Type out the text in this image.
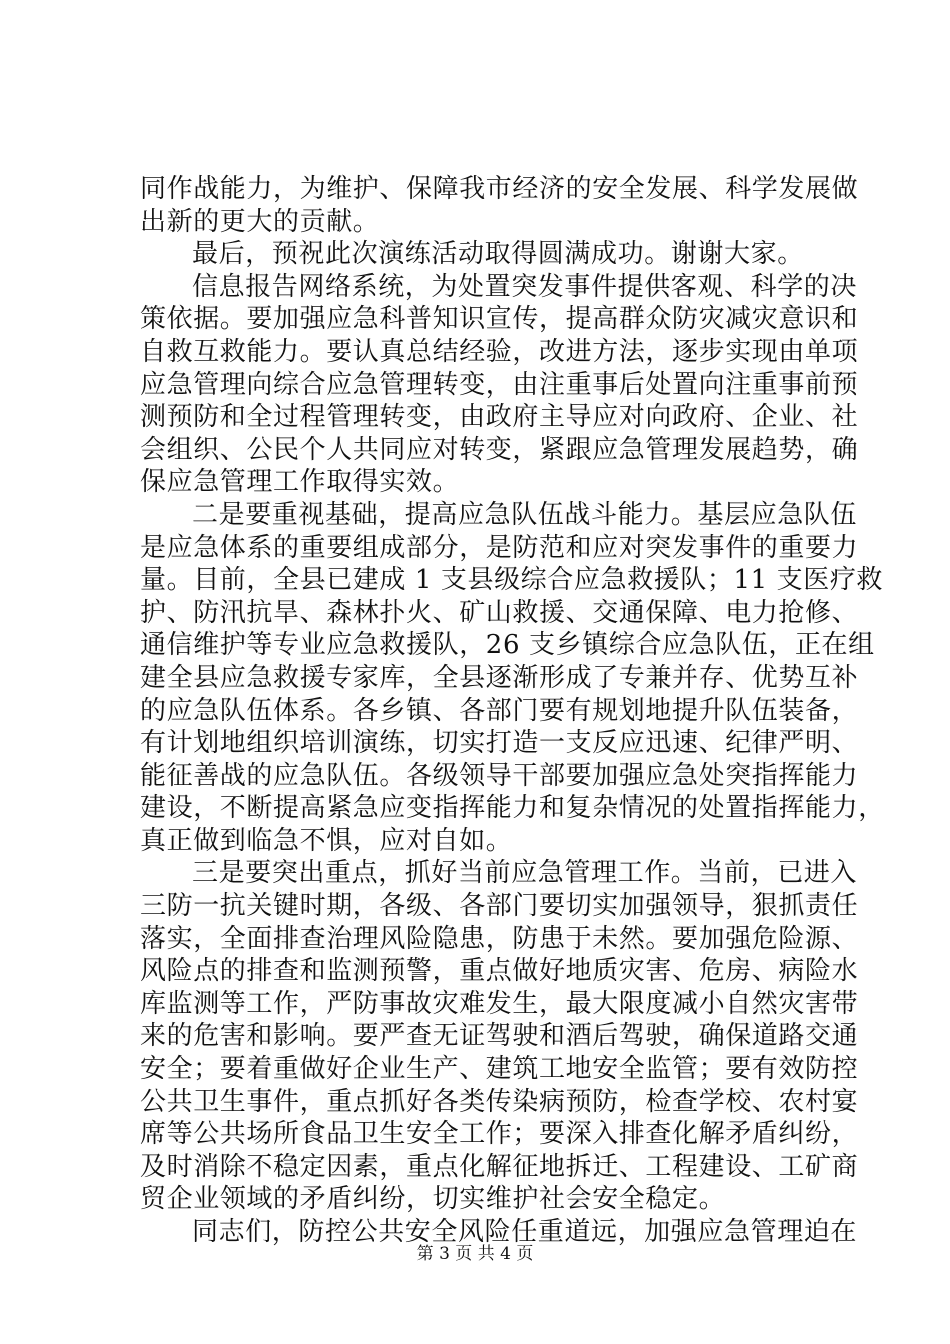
同作战能力，为维护、保障我市经济的安全发展、科学发展做
出新的更大的贡献。
最后，预祝此次演练活动取得圆满成功。谢谢大家。
信息报告网络系统，为处置突发事件提供客观、科学的决
策依据。要加强应急科普知识宣传，提高群众防灾减灾意识和
自救互救能力。要认真总结经验，改进方法，逐步实现由单项
应急管理向综合应急管理转变，由注重事后处置向注重事前预
测预防和全过程管理转变，由政府主导应对向政府、企业、社
会组织、公民个人共同应对转变，紧跟应急管理发展趋势，确
保应急管理工作取得实效。
二是要重视基础，提高应急队伍战斗能力。基层应急队伍
是应急体系的重要组成部分，是防范和应对突发事件的重要力
量。目前，全县已建成 1 支县级综合应急救援队；11 支医疗救
护、防汛抗旱、森林扑火、矿山救援、交通保障、电力抢修、
通信维护等专业应急救援队，26 支乡镇综合应急队伍，正在组
建全县应急救援专家库，全县逐渐形成了专兼并存、优势互补
的应急队伍体系。各乡镇、各部门要有规划地提升队伍装备，
有计划地组织培训演练，切实打造一支反应迅速、纪律严明、
能征善战的应急队伍。各级领导干部要加强应急处突指挥能力
建设，不断提高紧急应变指挥能力和复杂情况的处置指挥能力，
真正做到临急不惧，应对自如。
三是要突出重点，抓好当前应急管理工作。当前，已进入
三防一抗关键时期，各级、各部门要切实加强领导，狠抓责任
落实，全面排查治理风险隐患，防患于未然。要加强危险源、
风险点的排查和监测预警，重点做好地质灾害、危房、病险水
库监测等工作，严防事故灾难发生，最大限度减小自然灾害带
来的危害和影响。要严查无证驾驶和酒后驾驶，确保道路交通
安全；要着重做好企业生产、建筑工地安全监管；要有效防控
公共卫生事件，重点抓好各类传染病预防，检查学校、农村宴
席等公共场所食品卫生安全工作；要深入排查化解矛盾纠纷，
及时消除不稳定因素，重点化解征地拆迁、工程建设、工矿商
贸企业领域的矛盾纠纷，切实维护社会安全稳定。
同志们，防控公共安全风险任重道远，加强应急管理迫在
第 3 页 共 4 页
